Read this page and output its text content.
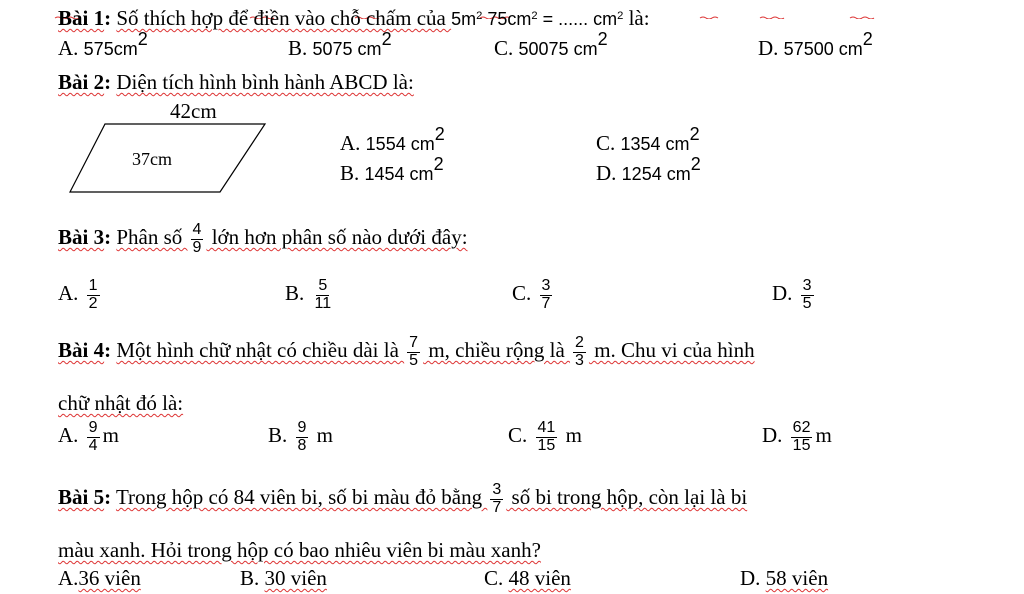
Bài 1: Số thích hợp để điền vào chỗ chấm của $5m^2$ $75cm^2$ = ...... $cm^2$ là:
A. $575cm^2$	B. 5075 $cm^2$	C. 50075 $cm^2$	D. 57500 $cm^2$
Bài 2: Diện tích hình bình hành ABCD là:
42cm
37cm
A. 1554 $cm^2$
B. 1454 $cm^2$
C. 1354 $cm^2$
D. 1254 $cm^2$
Bài 3: Phân số $\frac{4}{9}$ lớn hơn phân số nào dưới đây:
A. $\frac{1}{2}$	B. $\frac{5}{11}$	C. $\frac{3}{7}$	D. $\frac{3}{5}$
Bài 4: Một hình chữ nhật có chiều dài là $\frac{7}{5} m$, chiều rộng là $\frac{2}{3} m$. Chu vi của hình
chữ nhật đó là:
A. $\frac{9}{4}$ m	B. $\frac{9}{8}$ m	C. $\frac{41}{15}$ m	D. $\frac{62}{15}$ m
Bài 5: Trong hộp có 84 viên bi, số bi màu đỏ bằng $\frac{3}{7}$ số bi trong hộp, còn lại là bi
màu xanh. Hỏi trong hộp có bao nhiêu viên bi màu xanh?
A.36 viên	B. 30 viên	C. 48 viên	D. 58 viên
